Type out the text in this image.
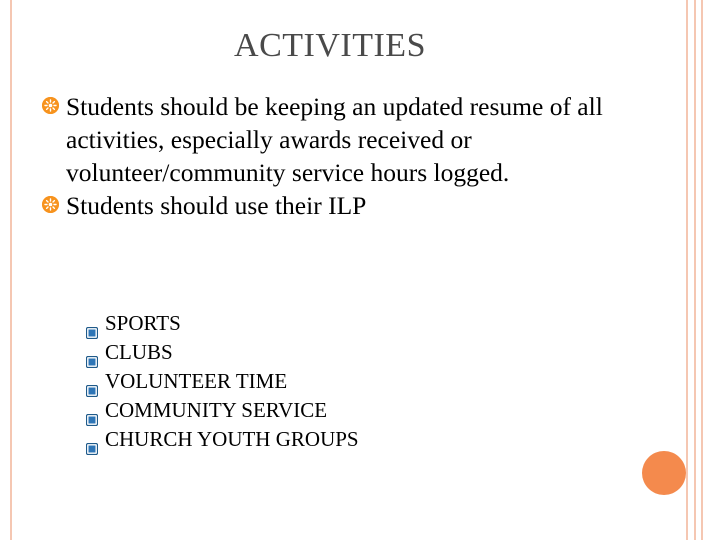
ACTIVITIES
Students should be keeping an updated resume of all activities, especially awards received or volunteer/community service hours logged.
Students should use their ILP
SPORTS
CLUBS
VOLUNTEER TIME
COMMUNITY SERVICE
CHURCH YOUTH GROUPS
